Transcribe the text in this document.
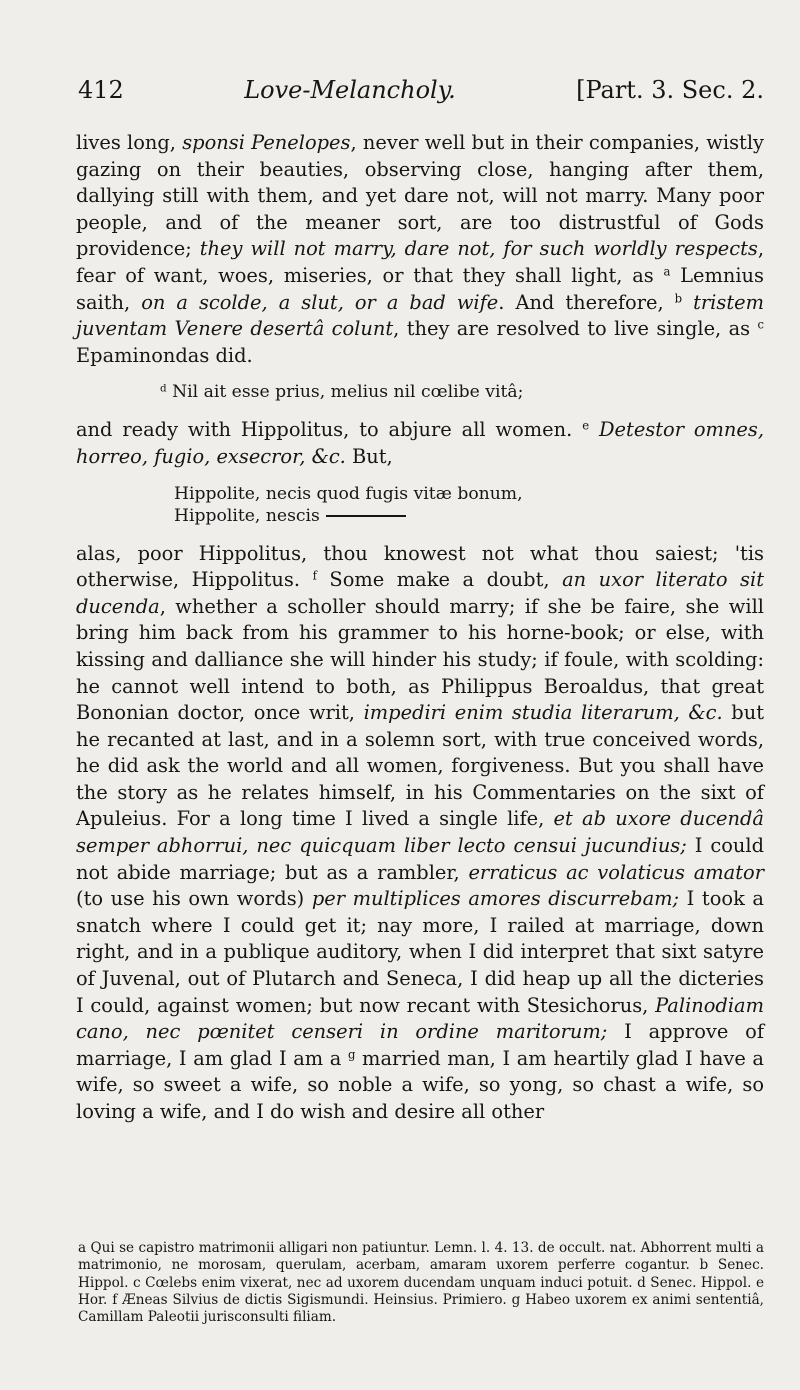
412	Love-Melancholy.	[Part. 3. Sec. 2.

lives long, sponsi Penelopes, never well but in their companies, wistly gazing on their beauties, observing close, hanging after them, dallying still with them, and yet dare not, will not marry. Many poor people, and of the meaner sort, are too distrustful of Gods providence; they will not marry, dare not, for such worldly respects, fear of want, woes, miseries, or that they shall light, as $^a$ Lemnius saith, on a scolde, a slut, or a bad wife. And therefore, $^b$ tristem juventam Venere desertâ colunt, they are resolved to live single, as $^c$ Epaminondas did.

$^d$ Nil ait esse prius, melius nil cœlibe vitâ;

and ready with Hippolitus, to abjure all women. $^e$ Detestor omnes, horreo, fugio, exsecror, &c. But,

Hippolite, necis quod fugis vitæ bonum,
Hippolite, nescis

alas, poor Hippolitus, thou knowest not what thou saiest; 'tis otherwise, Hippolitus. $^f$ Some make a doubt, an uxor literato sit ducenda, whether a scholler should marry; if she be faire, she will bring him back from his grammer to his horne-book; or else, with kissing and dalliance she will hinder his study; if foule, with scolding: he cannot well intend to both, as Philippus Beroaldus, that great Bononian doctor, once writ, impediri enim studia literarum, &c. but he recanted at last, and in a solemn sort, with true conceived words, he did ask the world and all women, forgiveness. But you shall have the story as he relates himself, in his Commentaries on the sixt of Apuleius. For a long time I lived a single life, et ab uxore ducendâ semper abhorrui, nec quicquam liber lecto censui jucundius; I could not abide marriage; but as a rambler, erraticus ac volaticus amator (to use his own words) per multiplices amores discurrebam; I took a snatch where I could get it; nay more, I railed at marriage, down right, and in a publique auditory, when I did interpret that sixt satyre of Juvenal, out of Plutarch and Seneca, I did heap up all the dicteries I could, against women; but now recant with Stesichorus, Palinodiam cano, nec pœnitet censeri in ordine maritorum; I approve of marriage, I am glad I am a $^g$ married man, I am heartily glad I have a wife, so sweet a wife, so noble a wife, so yong, so chast a wife, so loving a wife, and I do wish and desire all other

a Qui se capistro matrimonii alligari non patiuntur. Lemn. l. 4. 13. de occult. nat. Abhorrent multi a matrimonio, ne morosam, querulam, acerbam, amaram uxorem perferre cogantur. b Senec. Hippol. c Cœlebs enim vixerat, nec ad uxorem ducendam unquam induci potuit. d Senec. Hippol. e Hor. f Æneas Silvius de dictis Sigismundi. Heinsius. Primiero. g Habeo uxorem ex animi sententiâ, Camillam Paleotii jurisconsulti filiam.
